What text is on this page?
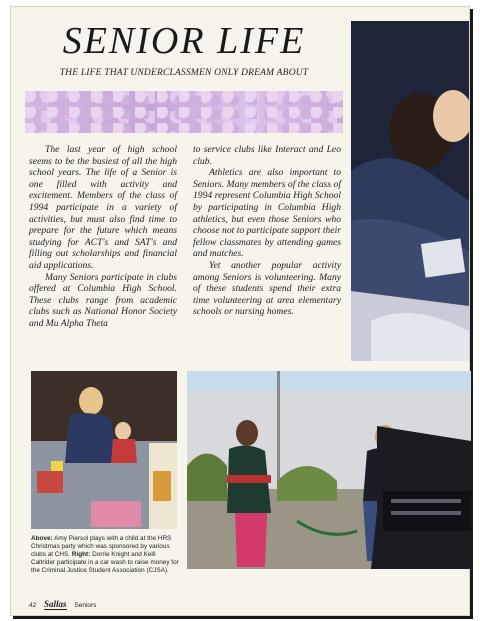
SENIOR LIFE
THE LIFE THAT UNDERCLASSMEN ONLY DREAM ABOUT

The last year of high school seems to be the busiest of all the high school years. The life of a Senior is one filled with activity and excitement. Members of the class of 1994 participate in a variety of activities, but must also find time to prepare for the future which means studying for ACT's and SAT's and filling out scholarships and financial aid applications.

Many Seniors participate in clubs offered at Columbia High School. These clubs range from academic clubs such as National Honor Society and Mu Alpha Theta

to service clubs like Interact and Leo club.

Athletics are also important to Seniors. Many members of the class of 1994 represent Columbia High School by participating in Columbia High athletics, but even those Seniors who choose not to participate support their fellow classmates by attending games and matches.

Yet another popular activity among Seniors is volunteering. Many of these students spend their extra time volunteering at area elementary schools or nursing homes.

Above: Amy Piersol plays with a child at the HRS Christmas party which was sponsored by various clubs at CHS. Right: Dorrie Knight and Kelli Caltrider participate in a car wash to raise money for the Criminal Justice Student Association (CJSA).
42 Sallas Seniors
